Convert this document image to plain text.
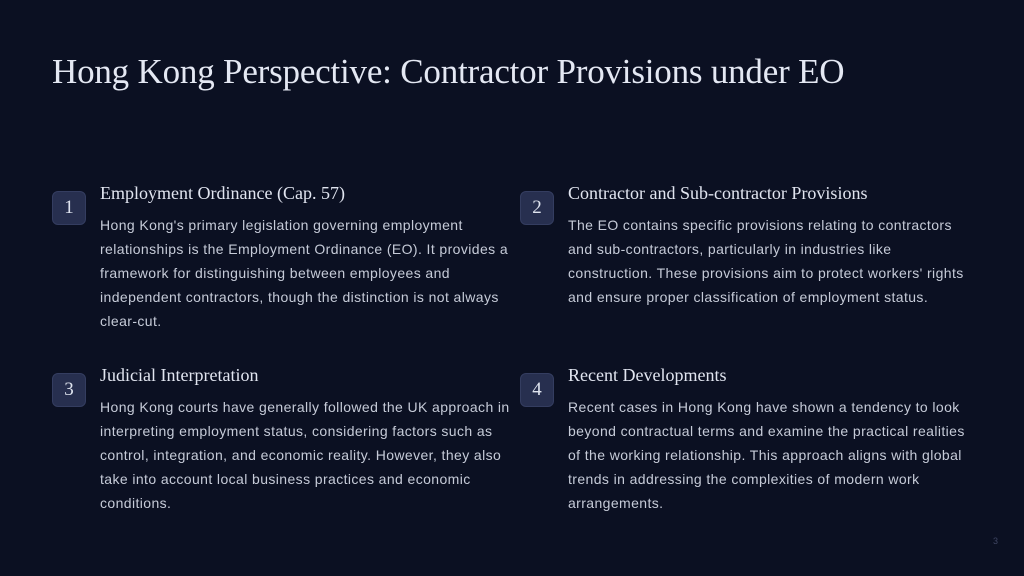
Hong Kong Perspective: Contractor Provisions under EO
1
Employment Ordinance (Cap. 57)

Hong Kong's primary legislation governing employment relationships is the Employment Ordinance (EO). It provides a framework for distinguishing between employees and independent contractors, though the distinction is not always clear-cut.

2
Contractor and Sub-contractor Provisions

The EO contains specific provisions relating to contractors and sub-contractors, particularly in industries like construction. These provisions aim to protect workers' rights and ensure proper classification of employment status.

3
Judicial Interpretation

Hong Kong courts have generally followed the UK approach in interpreting employment status, considering factors such as control, integration, and economic reality. However, they also take into account local business practices and economic conditions.

4
Recent Developments

Recent cases in Hong Kong have shown a tendency to look beyond contractual terms and examine the practical realities of the working relationship. This approach aligns with global trends in addressing the complexities of modern work arrangements.

3
